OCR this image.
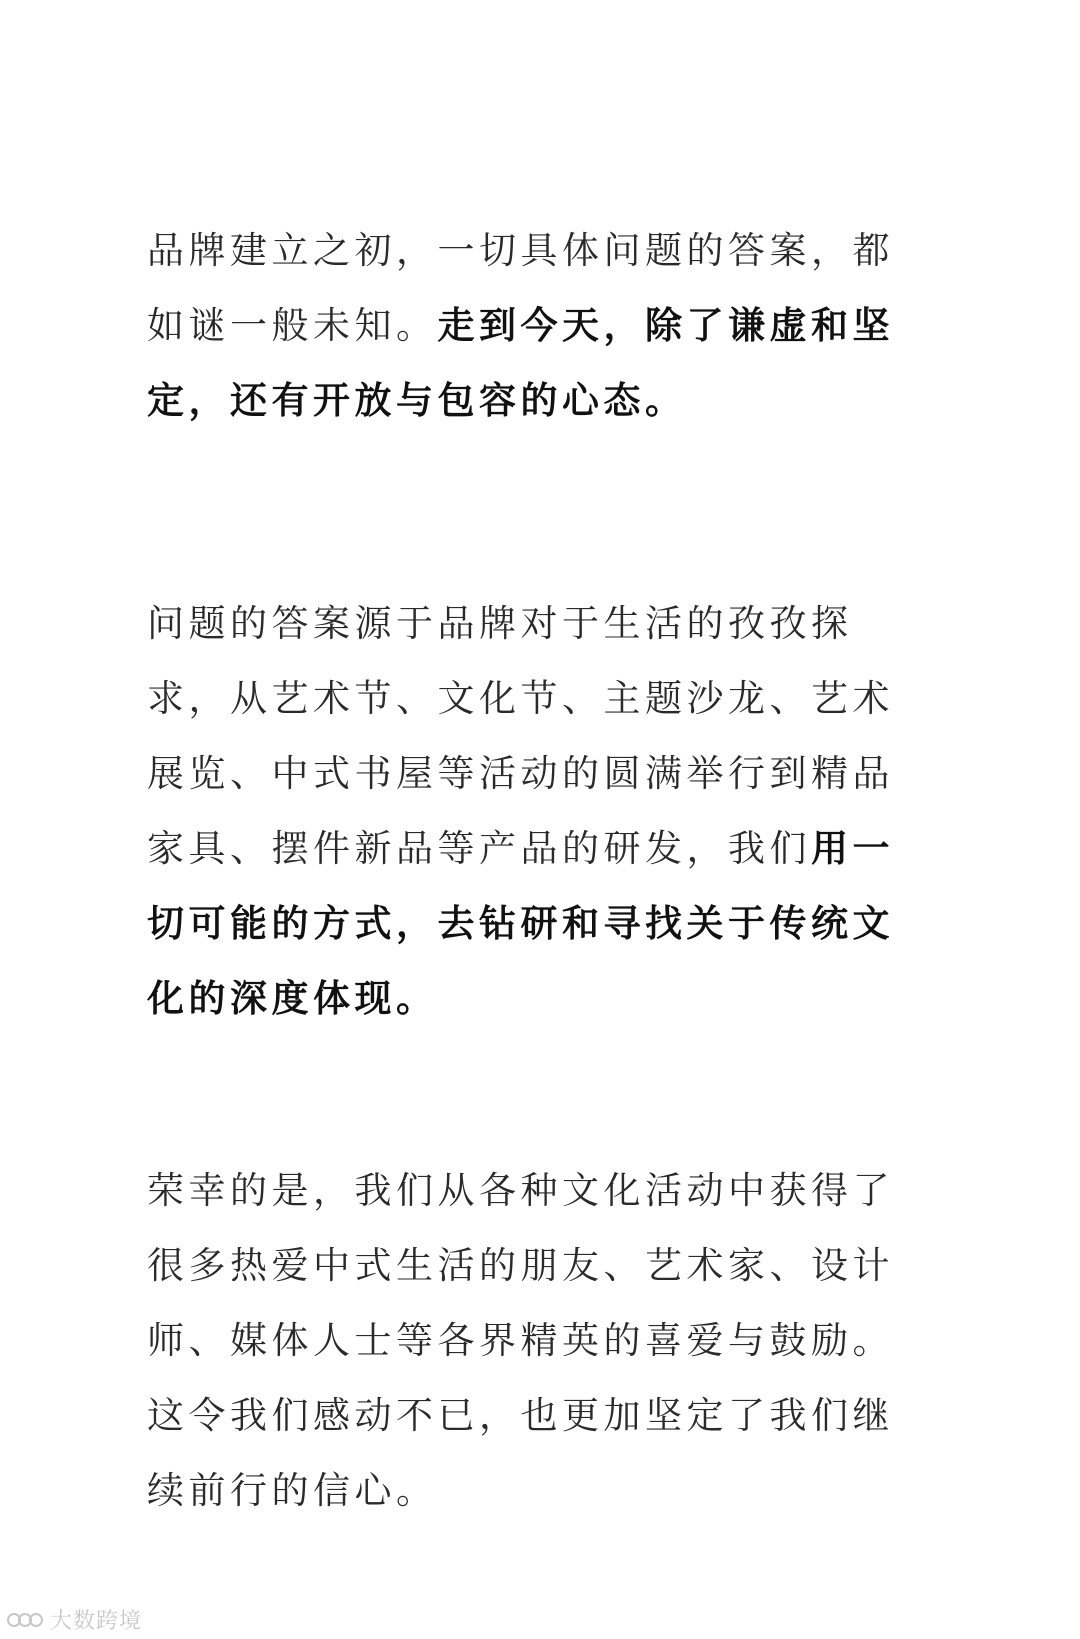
品牌建立之初，一切具体问题的答案，都如谜一般未知。走到今天，除了谦虚和坚定，还有开放与包容的心态。

问题的答案源于品牌对于生活的孜孜探求，从艺术节、文化节、主题沙龙、艺术展览、中式书屋等活动的圆满举行到精品家具、摆件新品等产品的研发，我们用一切可能的方式，去钻研和寻找关于传统文化的深度体现。

荣幸的是，我们从各种文化活动中获得了很多热爱中式生活的朋友、艺术家、设计师、媒体人士等各界精英的喜爱与鼓励。这令我们感动不已，也更加坚定了我们继续前行的信心。

大数跨境
